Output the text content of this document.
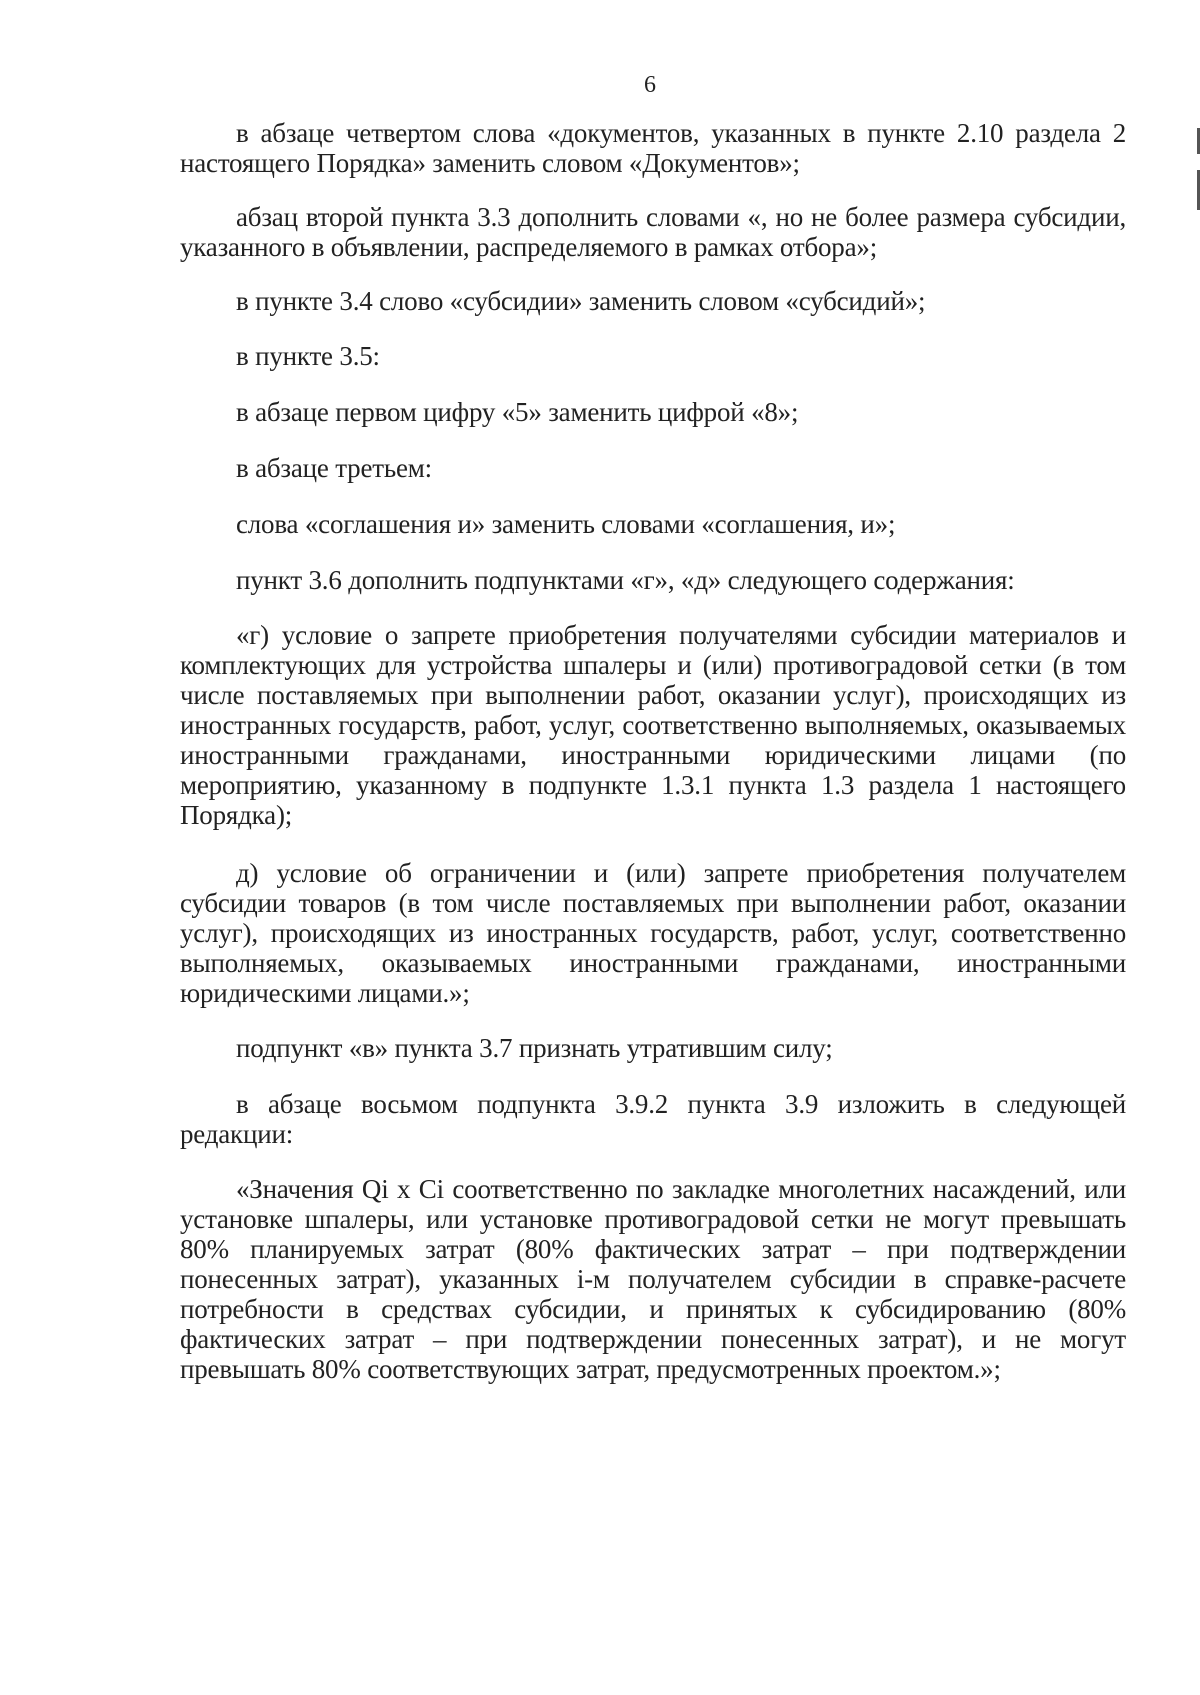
6

в абзаце четвертом слова «документов, указанных в пункте 2.10 раздела 2 настоящего Порядка» заменить словом «Документов»;

абзац второй пункта 3.3 дополнить словами «, но не более размера субсидии, указанного в объявлении, распределяемого в рамках отбора»;

в пункте 3.4 слово «субсидии» заменить словом «субсидий»;

в пункте 3.5:

в абзаце первом цифру «5» заменить цифрой «8»;

в абзаце третьем:

слова «соглашения и» заменить словами «соглашения, и»;

пункт 3.6 дополнить подпунктами «г», «д» следующего содержания:

«г) условие о запрете приобретения получателями субсидии материалов и комплектующих для устройства шпалеры и (или) противоградовой сетки (в том числе поставляемых при выполнении работ, оказании услуг), происходящих из иностранных государств, работ, услуг, соответственно выполняемых, оказываемых иностранными гражданами, иностранными юридическими лицами (по мероприятию, указанному в подпункте 1.3.1 пункта 1.3 раздела 1 настоящего Порядка);

д) условие об ограничении и (или) запрете приобретения получателем субсидии товаров (в том числе поставляемых при выполнении работ, оказании услуг), происходящих из иностранных государств, работ, услуг, соответственно выполняемых, оказываемых иностранными гражданами, иностранными юридическими лицами.»;

подпункт «в» пункта 3.7 признать утратившим силу;

в абзаце восьмом подпункта 3.9.2 пункта 3.9 изложить в следующей редакции:

«Значения Qi х Ci соответственно по закладке многолетних насаждений, или установке шпалеры, или установке противоградовой сетки не могут превышать 80% планируемых затрат (80% фактических затрат – при подтверждении понесенных затрат), указанных i-м получателем субсидии в справке-расчете потребности в средствах субсидии, и принятых к субсидированию (80% фактических затрат – при подтверждении понесенных затрат), и не могут превышать 80% соответствующих затрат, предусмотренных проектом.»;
